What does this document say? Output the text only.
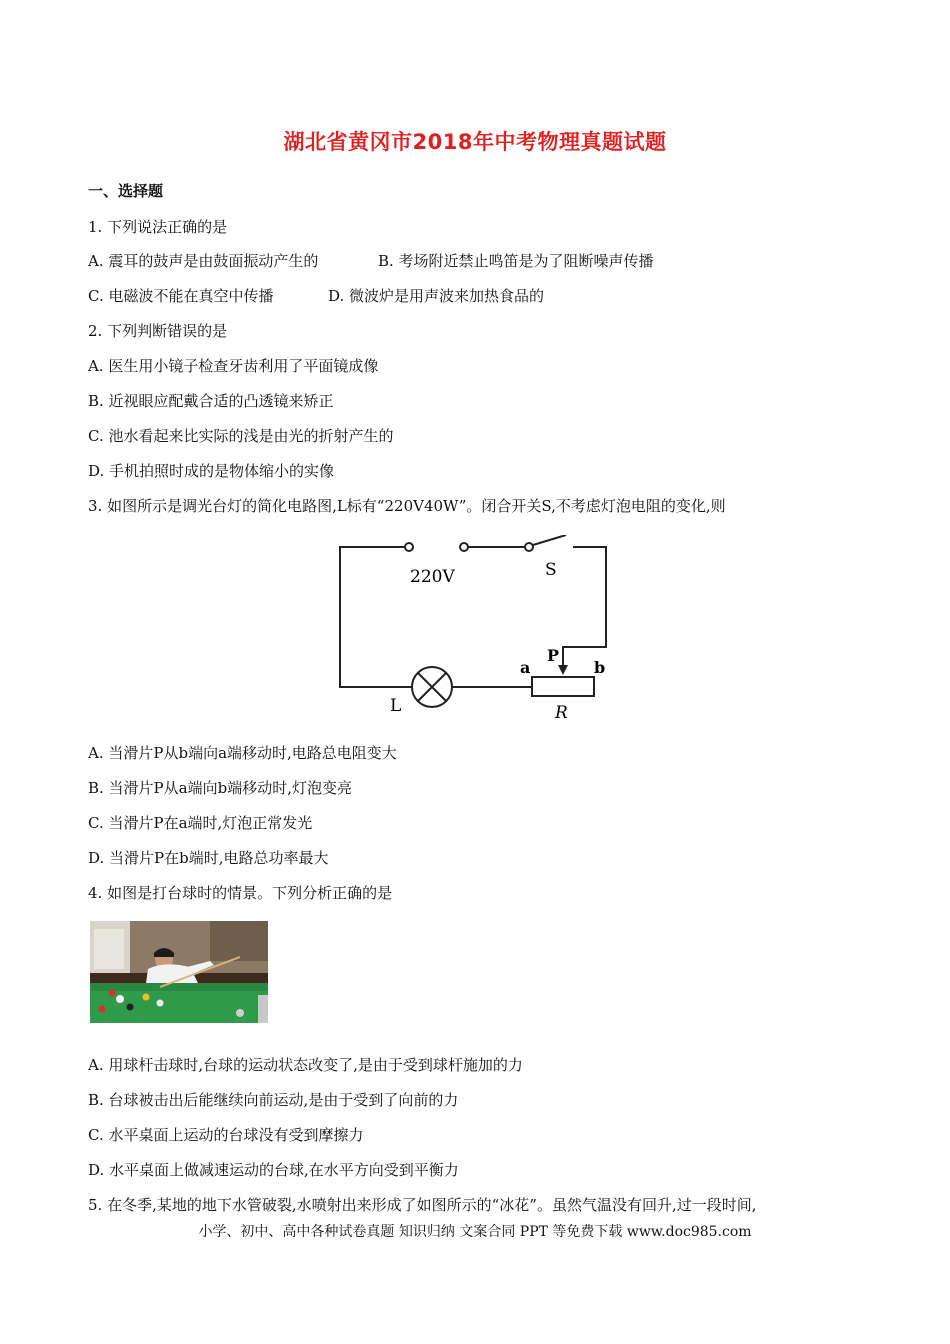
湖北省黄冈市2018年中考物理真题试题
一、选择题
1. 下列说法正确的是
A. 震耳的鼓声是由鼓面振动产生的	B. 考场附近禁止鸣笛是为了阻断噪声传播
C. 电磁波不能在真空中传播	D. 微波炉是用声波来加热食品的
2. 下列判断错误的是
A. 医生用小镜子检查牙齿利用了平面镜成像
B. 近视眼应配戴合适的凸透镜来矫正
C. 池水看起来比实际的浅是由光的折射产生的
D. 手机拍照时成的是物体缩小的实像
3. 如图所示是调光台灯的简化电路图,L标有“220V40W”。闭合开关S,不考虑灯泡电阻的变化,则
220V	S
P
a	b
L	R
A. 当滑片P从b端向a端移动时,电路总电阻变大
B. 当滑片P从a端向b端移动时,灯泡变亮
C. 当滑片P在a端时,灯泡正常发光
D. 当滑片P在b端时,电路总功率最大
4. 如图是打台球时的情景。下列分析正确的是
A. 用球杆击球时,台球的运动状态改变了,是由于受到球杆施加的力
B. 台球被击出后能继续向前运动,是由于受到了向前的力
C. 水平桌面上运动的台球没有受到摩擦力
D. 水平桌面上做减速运动的台球,在水平方向受到平衡力
5. 在冬季,某地的地下水管破裂,水喷射出来形成了如图所示的“冰花”。虽然气温没有回升,过一段时间,
小学、初中、高中各种试卷真题 知识归纳 文案合同 PPT 等免费下载 www.doc985.com
